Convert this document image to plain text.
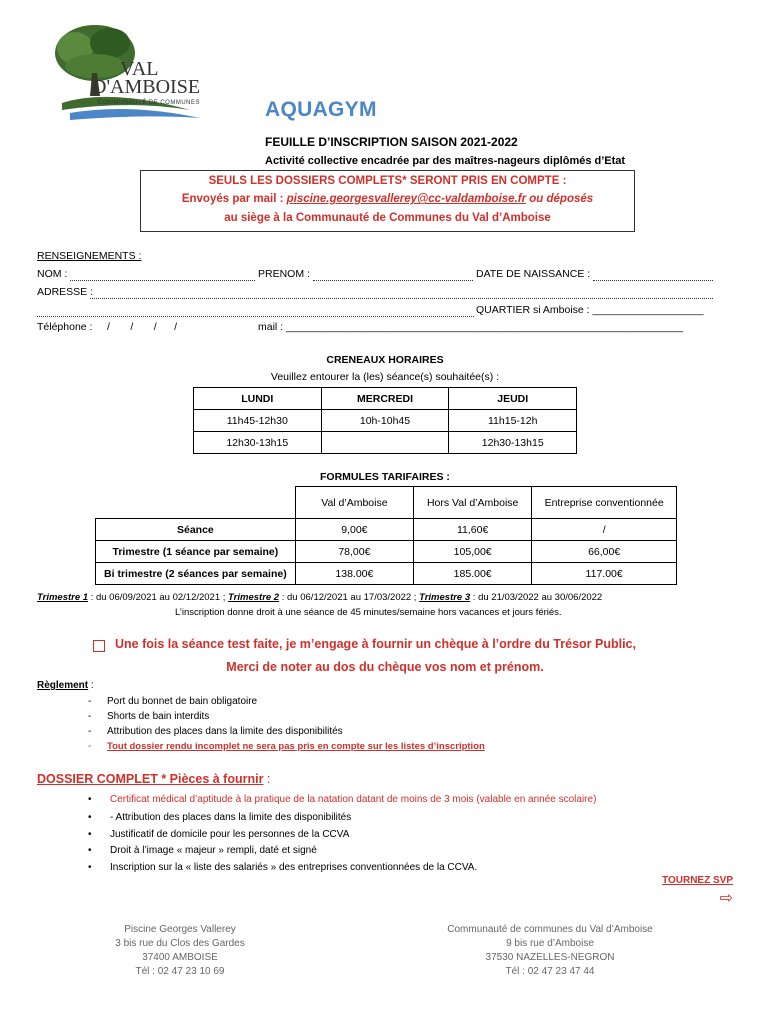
VAL
D'AMBOISE
COMMUNAUTÉ DE COMMUNES	AQUAGYM
FEUILLE D’INSCRIPTION SAISON 2021-2022
Activité collective encadrée par des maîtres-nageurs diplômés d’Etat
SEULS LES DOSSIERS COMPLETS* SERONT PRIS EN COMPTE :
Envoyés par mail : piscine.georgesvallerey@cc-valdamboise.fr ou déposés
au siège à la Communauté de Communes du Val d’Amboise
RENSEIGNEMENTS :
NOM :	PRENOM :	DATE DE NAISSANCE :
ADRESSE :
QUARTIER si Amboise : ___________________
Téléphone :     /       /       /      /	mail : ____________________________________________________________________
CRENEAUX HORAIRES
Veuillez entourer la (les) séance(s) souhaitée(s) :
LUNDI	MERCREDI	JEUDI
11h45-12h30	10h-10h45	11h15-12h
12h30-13h15		12h30-13h15
FORMULES TARIFAIRES :
	Val d’Amboise	Hors Val d’Amboise	Entreprise conventionnée
Séance	9,00€	11,60€	/
Trimestre (1 séance par semaine)	78,00€	105,00€	66,00€
Bi trimestre (2 séances par semaine)	138.00€	185.00€	117.00€
Trimestre 1 : du 06/09/2021 au 02/12/2021 ; Trimestre 2 : du 06/12/2021 au 17/03/2022 ; Trimestre 3 : du 21/03/2022 au 30/06/2022
L’inscription donne droit à une séance de 45 minutes/semaine hors vacances et jours fériés.
Une fois la séance test faite, je m’engage à fournir un chèque à l’ordre du Trésor Public,
Merci de noter au dos du chèque vos nom et prénom.
Règlement :
- Port du bonnet de bain obligatoire
- Shorts de bain interdits
- Attribution des places dans la limite des disponibilités
- Tout dossier rendu incomplet ne sera pas pris en compte sur les listes d’inscription
DOSSIER COMPLET * Pièces à fournir :
• Certificat médical d’aptitude à la pratique de la natation datant de moins de 3 mois (valable en année scolaire)
• - Attribution des places dans la limite des disponibilités
• Justificatif de domicile pour les personnes de la CCVA
• Droit à l’image « majeur » rempli, daté et signé
• Inscription sur la « liste des salariés » des entreprises conventionnées de la CCVA.
TOURNEZ SVP
⇨
Piscine Georges Vallerey
3 bis rue du Clos des Gardes
37400 AMBOISE
Tél : 02 47 23 10 69
Communauté de communes du Val d’Amboise
9 bis rue d’Amboise
37530 NAZELLES-NEGRON
Tél : 02 47 23 47 44
